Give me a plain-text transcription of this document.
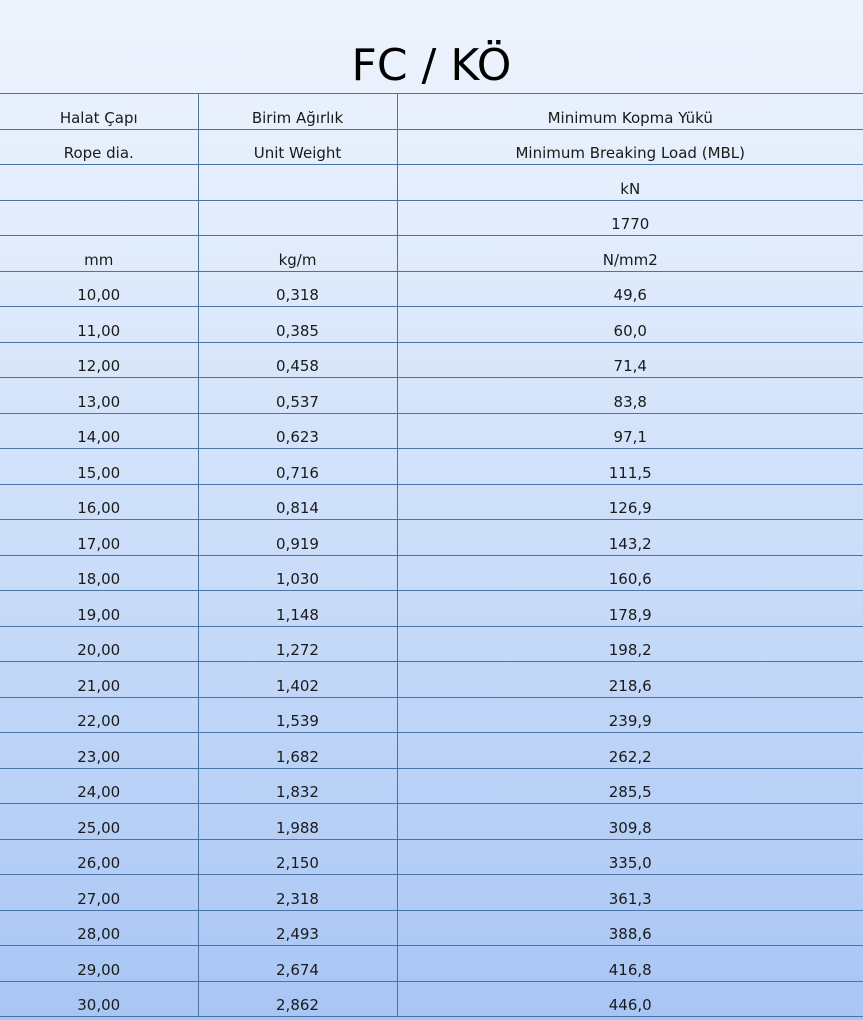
FC / KÖ
Halat Çapı	Birim Ağırlık	Minimum Kopma Yükü
Rope dia.	Unit Weight	Minimum Breaking Load (MBL)
		kN
		1770
mm	kg/m	N/mm2
10,00	0,318	49,6
11,00	0,385	60,0
12,00	0,458	71,4
13,00	0,537	83,8
14,00	0,623	97,1
15,00	0,716	111,5
16,00	0,814	126,9
17,00	0,919	143,2
18,00	1,030	160,6
19,00	1,148	178,9
20,00	1,272	198,2
21,00	1,402	218,6
22,00	1,539	239,9
23,00	1,682	262,2
24,00	1,832	285,5
25,00	1,988	309,8
26,00	2,150	335,0
27,00	2,318	361,3
28,00	2,493	388,6
29,00	2,674	416,8
30,00	2,862	446,0
